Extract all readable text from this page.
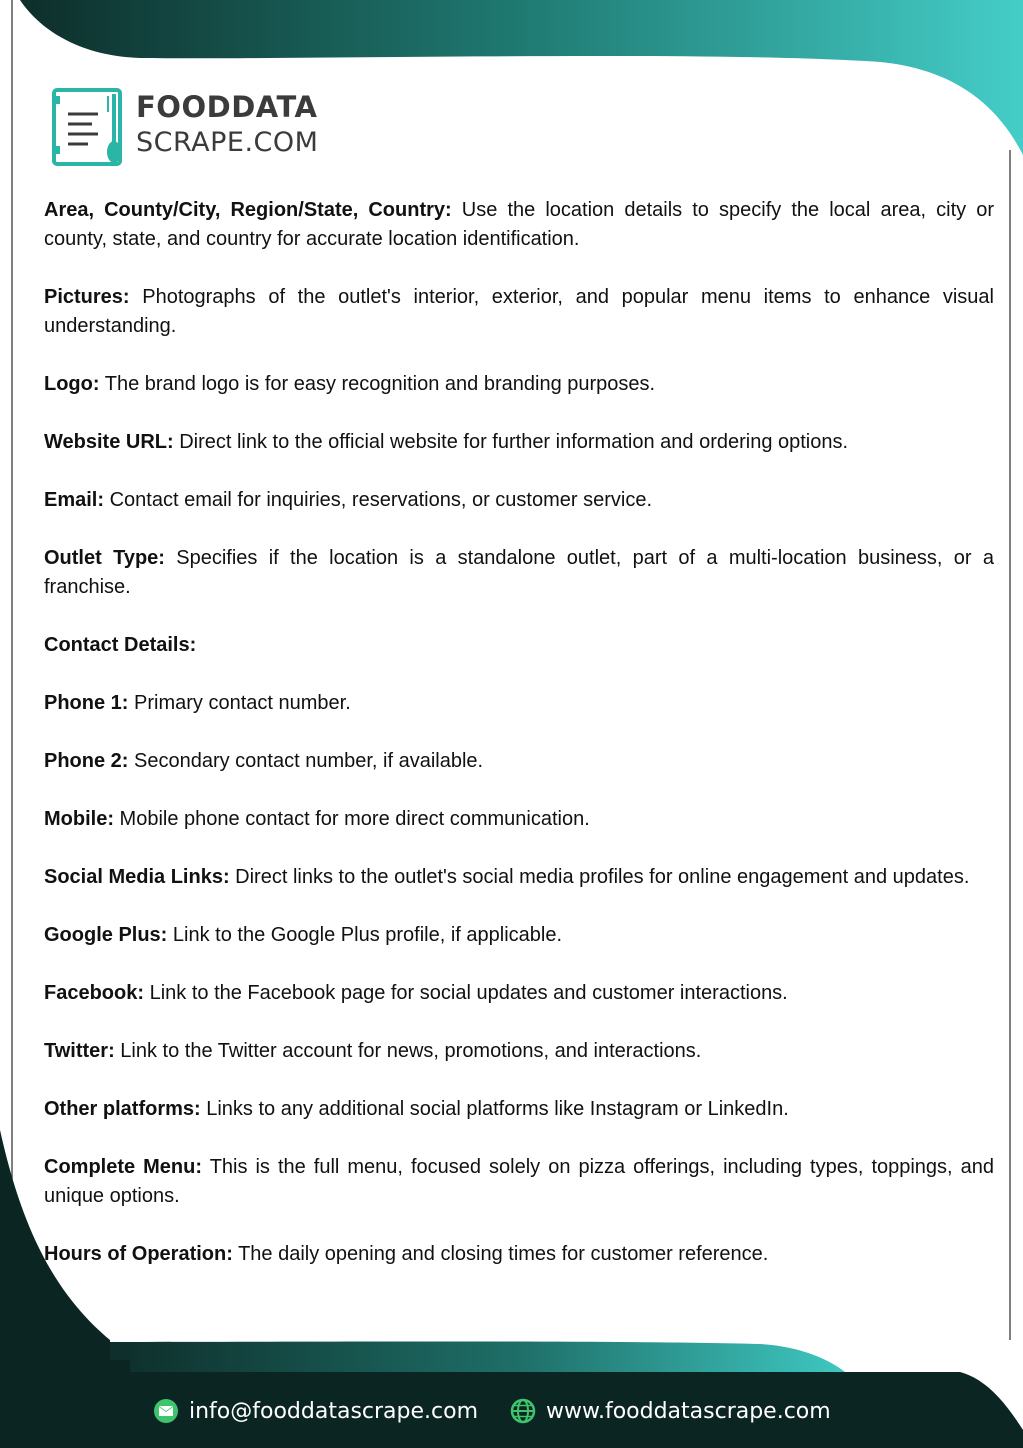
FOODDATA
SCRAPE.COM

Area, County/City, Region/State, Country: Use the location details to specify the local area, city or county, state, and country for accurate location identification.

Pictures: Photographs of the outlet's interior, exterior, and popular menu items to enhance visual understanding.

Logo: The brand logo is for easy recognition and branding purposes.

Website URL: Direct link to the official website for further information and ordering options.

Email: Contact email for inquiries, reservations, or customer service.

Outlet Type: Specifies if the location is a standalone outlet, part of a multi-location business, or a franchise.

Contact Details:

Phone 1: Primary contact number.

Phone 2: Secondary contact number, if available.

Mobile: Mobile phone contact for more direct communication.

Social Media Links: Direct links to the outlet's social media profiles for online engagement and updates.

Google Plus: Link to the Google Plus profile, if applicable.

Facebook: Link to the Facebook page for social updates and customer interactions.

Twitter: Link to the Twitter account for news, promotions, and interactions.

Other platforms: Links to any additional social platforms like Instagram or LinkedIn.

Complete Menu: This is the full menu, focused solely on pizza offerings, including types, toppings, and unique options.

Hours of Operation: The daily opening and closing times for customer reference.

info@fooddatascrape.com	www.fooddatascrape.com
